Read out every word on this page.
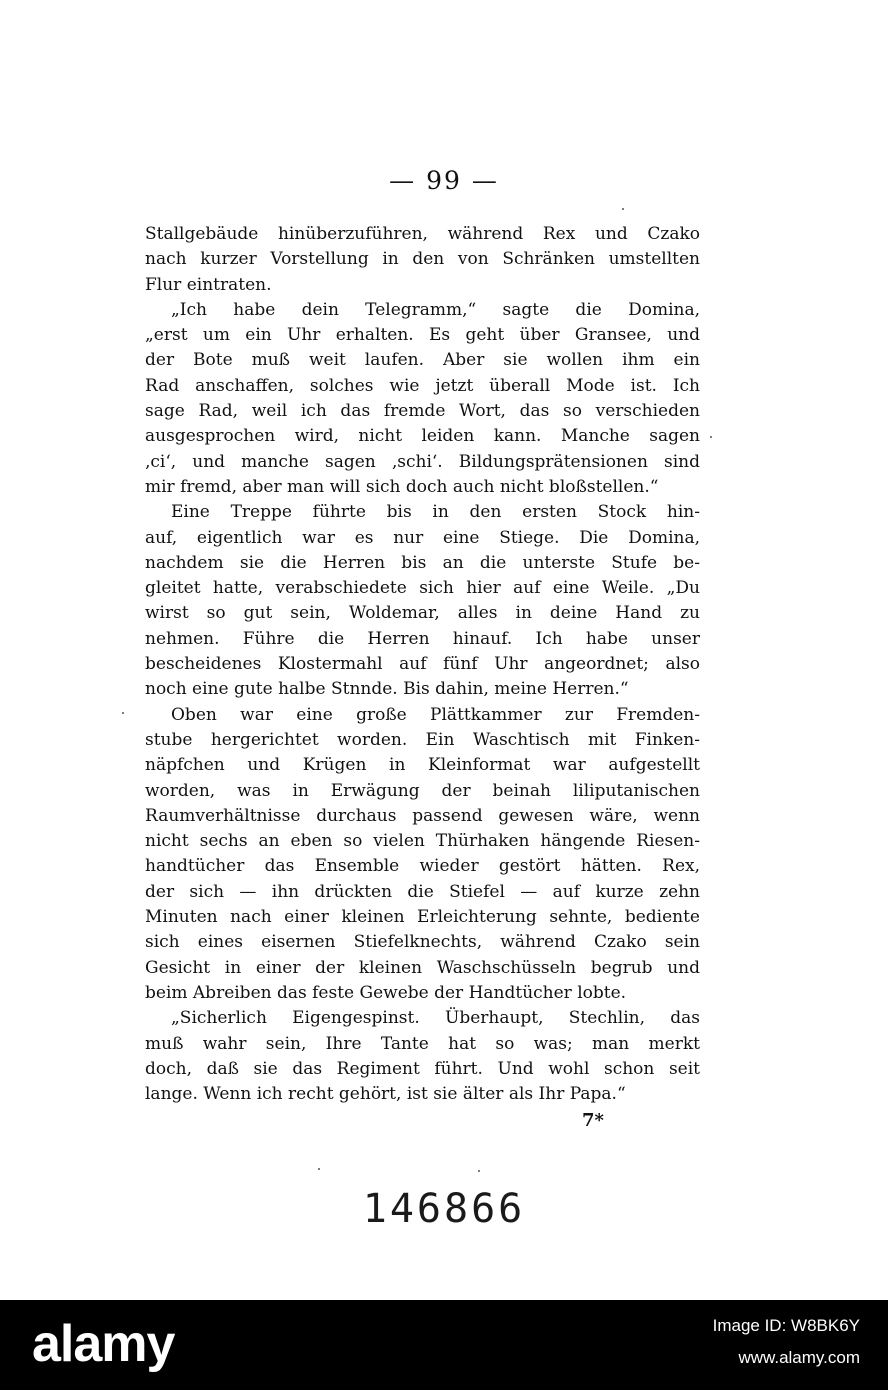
— 99 —
Stallgebäude hinüberzuführen, während Rex und Czako
nach kurzer Vorstellung in den von Schränken umstellten
Flur eintraten.
„Ich habe dein Telegramm,“ sagte die Domina,
„erst um ein Uhr erhalten. Es geht über Gransee, und
der Bote muß weit laufen. Aber sie wollen ihm ein
Rad anschaffen, solches wie jetzt überall Mode ist. Ich
sage Rad, weil ich das fremde Wort, das so verschieden
ausgesprochen wird, nicht leiden kann. Manche sagen
‚ci‘, und manche sagen ‚schi‘. Bildungsprätensionen sind
mir fremd, aber man will sich doch auch nicht bloßstellen.“
Eine Treppe führte bis in den ersten Stock hin-
auf, eigentlich war es nur eine Stiege. Die Domina,
nachdem sie die Herren bis an die unterste Stufe be-
gleitet hatte, verabschiedete sich hier auf eine Weile. „Du
wirst so gut sein, Woldemar, alles in deine Hand zu
nehmen. Führe die Herren hinauf. Ich habe unser
bescheidenes Klostermahl auf fünf Uhr angeordnet; also
noch eine gute halbe Stnnde. Bis dahin, meine Herren.“
Oben war eine große Plättkammer zur Fremden-
stube hergerichtet worden. Ein Waschtisch mit Finken-
näpfchen und Krügen in Kleinformat war aufgestellt
worden, was in Erwägung der beinah liliputanischen
Raumverhältnisse durchaus passend gewesen wäre, wenn
nicht sechs an eben so vielen Thürhaken hängende Riesen-
handtücher das Ensemble wieder gestört hätten. Rex,
der sich — ihn drückten die Stiefel — auf kurze zehn
Minuten nach einer kleinen Erleichterung sehnte, bediente
sich eines eisernen Stiefelknechts, während Czako sein
Gesicht in einer der kleinen Waschschüsseln begrub und
beim Abreiben das feste Gewebe der Handtücher lobte.
„Sicherlich Eigengespinst. Überhaupt, Stechlin, das
muß wahr sein, Ihre Tante hat so was; man merkt
doch, daß sie das Regiment führt. Und wohl schon seit
lange. Wenn ich recht gehört, ist sie älter als Ihr Papa.“
7*
146866
alamy	Image ID: W8BK6Y
www.alamy.com
